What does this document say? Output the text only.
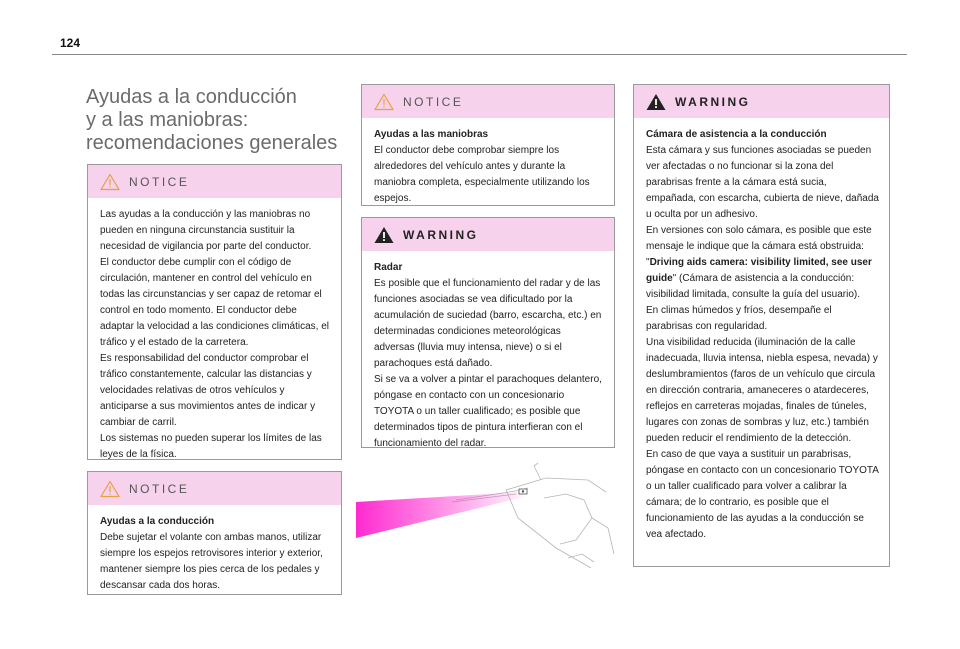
124
Ayudas a la conducción
y a las maniobras:
recomendaciones generales
NOTICE

Las ayudas a la conducción y las maniobras no pueden en ninguna circunstancia sustituir la necesidad de vigilancia por parte del conductor.

El conductor debe cumplir con el código de circulación, mantener en control del vehículo en todas las circunstancias y ser capaz de retomar el control en todo momento. El conductor debe adaptar la velocidad a las condiciones climáticas, el tráfico y el estado de la carretera.

Es responsabilidad del conductor comprobar el tráfico constantemente, calcular las distancias y velocidades relativas de otros vehículos y anticiparse a sus movimientos antes de indicar y cambiar de carril.

Los sistemas no pueden superar los límites de las leyes de la física.

NOTICE

Ayudas a la conducción

Debe sujetar el volante con ambas manos, utilizar siempre los espejos retrovisores interior y exterior, mantener siempre los pies cerca de los pedales y descansar cada dos horas.

NOTICE

Ayudas a las maniobras

El conductor debe comprobar siempre los alrededores del vehículo antes y durante la maniobra completa, especialmente utilizando los espejos.

WARNING

Radar

Es posible que el funcionamiento del radar y de las funciones asociadas se vea dificultado por la acumulación de suciedad (barro, escarcha, etc.) en determinadas condiciones meteorológicas adversas (lluvia muy intensa, nieve) o si el parachoques está dañado.

Si se va a volver a pintar el parachoques delantero, póngase en contacto con un concesionario TOYOTA o un taller cualificado; es posible que determinados tipos de pintura interfieran con el funcionamiento del radar.

WARNING

Cámara de asistencia a la conducción

Esta cámara y sus funciones asociadas se pueden ver afectadas o no funcionar si la zona del parabrisas frente a la cámara está sucia, empañada, con escarcha, cubierta de nieve, dañada u oculta por un adhesivo.

En versiones con solo cámara, es posible que este mensaje le indique que la cámara está obstruida: "Driving aids camera: visibility limited, see user guide" (Cámara de asistencia a la conducción: visibilidad limitada, consulte la guía del usuario).

En climas húmedos y fríos, desempañe el parabrisas con regularidad.

Una visibilidad reducida (iluminación de la calle inadecuada, lluvia intensa, niebla espesa, nevada) y deslumbramientos (faros de un vehículo que circula en dirección contraria, amaneceres o atardeceres, reflejos en carreteras mojadas, finales de túneles, lugares con zonas de sombras y luz, etc.) también pueden reducir el rendimiento de la detección.

En caso de que vaya a sustituir un parabrisas, póngase en contacto con un concesionario TOYOTA o un taller cualificado para volver a calibrar la cámara; de lo contrario, es posible que el funcionamiento de las ayudas a la conducción se vea afectado.
